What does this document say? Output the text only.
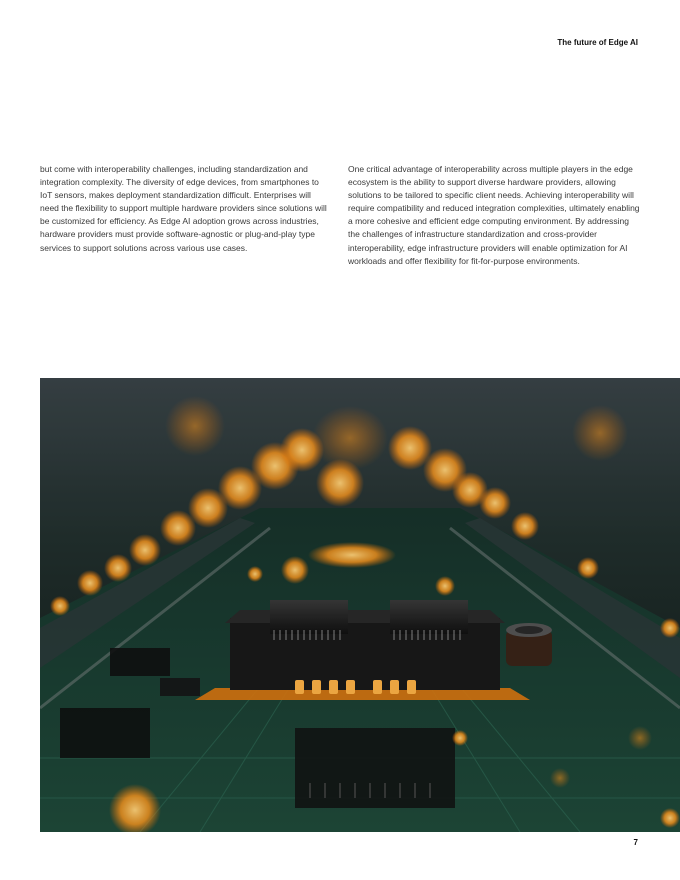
The future of Edge AI

but come with interoperability challenges, including standardization and integration complexity. The diversity of edge devices, from smartphones to IoT sensors, makes deployment standardization difficult. Enterprises will need the flexibility to support multiple hardware providers since solutions will be customized for efficiency. As Edge AI adoption grows across industries, hardware providers must provide software-agnostic or plug-and-play type services to support solutions across various use cases.

One critical advantage of interoperability across multiple players in the edge ecosystem is the ability to support diverse hardware providers, allowing solutions to be tailored to specific client needs. Achieving interoperability will require compatibility and reduced integration complexities, ultimately enabling a more cohesive and efficient edge computing environment. By addressing the challenges of infrastructure standardization and cross-provider interoperability, edge infrastructure providers will enable optimization for AI workloads and offer flexibility for fit-for-purpose environments.

7
